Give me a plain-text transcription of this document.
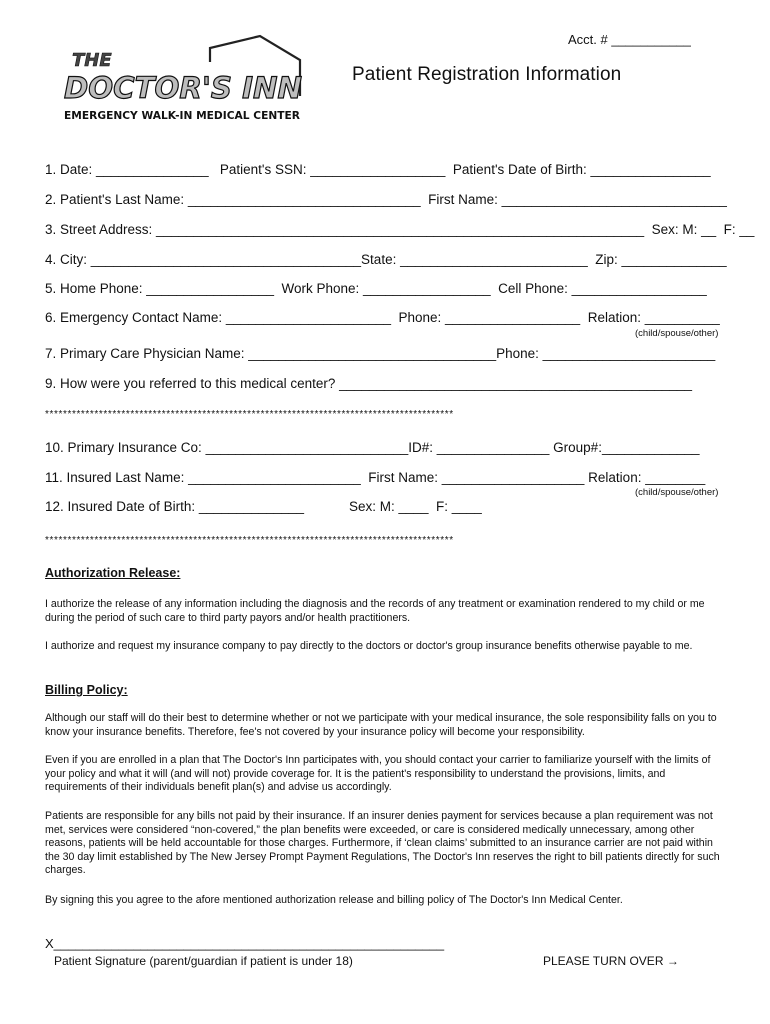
Acct. # ___________
THE
DOCTOR'S INN
EMERGENCY WALK-IN MEDICAL CENTER
Patient Registration Information
1. Date: _______________   Patient's SSN: __________________  Patient's Date of Birth: ________________
2. Patient's Last Name: _______________________________  First Name: ______________________________
3. Street Address: _________________________________________________________________  Sex: M: __  F: __
4. City: ____________________________________State: _________________________  Zip: ______________
5. Home Phone: _________________  Work Phone: _________________  Cell Phone: __________________
6. Emergency Contact Name: ______________________  Phone: __________________  Relation: __________
(child/spouse/other)
7. Primary Care Physician Name: _________________________________Phone: _______________________
9. How were you referred to this medical center? _______________________________________________
10. Primary Insurance Co: ___________________________ID#: _______________ Group#:_____________
11. Insured Last Name: _______________________  First Name: ___________________ Relation: ________
(child/spouse/other)
12. Insured Date of Birth: ______________            Sex: M: ____  F: ____
*******************************************************************************************
*******************************************************************************************
Authorization Release:
I authorize the release of any information including the diagnosis and the records of any treatment or examination rendered to my child or me during the period of such care to third party payors and/or health practitioners.
I authorize and request my insurance company to pay directly to the doctors or doctor's group insurance benefits otherwise payable to me.
Billing Policy:
Although our staff will do their best to determine whether or not we participate with your medical insurance, the sole responsibility falls on you to know your insurance benefits. Therefore, fee's not covered by your insurance policy will become your responsibility.
Even if you are enrolled in a plan that The Doctor's Inn participates with, you should contact your carrier to familiarize yourself with the limits of your policy and what it will (and will not) provide coverage for. It is the patient's responsibility to understand the provisions, limits, and requirements of their individuals benefit plan(s) and advise us accordingly.
Patients are responsible for any bills not paid by their insurance. If an insurer denies payment for services because a plan requirement was not met, services were considered “non-covered,” the plan benefits were exceeded, or care is considered medically unnecessary, among other reasons, patients will be held accountable for those charges. Furthermore, if ‘clean claims’ submitted to an insurance carrier are not paid within the 30 day limit established by The New Jersey Prompt Payment Regulations, The Doctor's Inn reserves the right to bill patients directly for such charges.
By signing this you agree to the afore mentioned authorization release and billing policy of The Doctor's Inn Medical Center.
X______________________________________________________
Patient Signature (parent/guardian if patient is under 18)	PLEASE TURN OVER →
